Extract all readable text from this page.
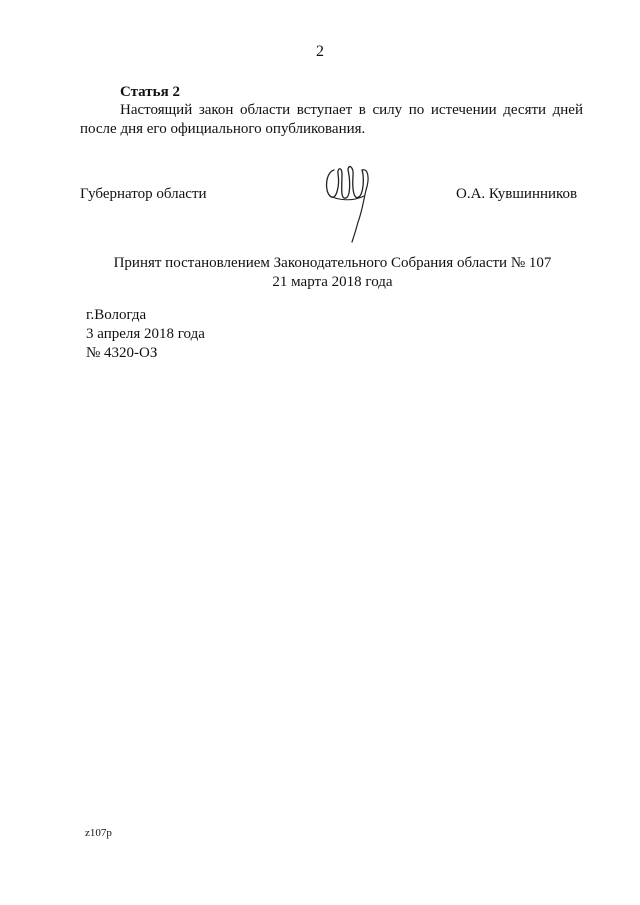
2

Статья 2

Настоящий закон области вступает в силу по истечении десяти дней после дня его официального опубликования.

Губернатор области	О.А. Кувшинников
Принят постановлением Законодательного Собрания области № 107
21 марта 2018 года
г.Вологда
3 апреля 2018 года
№ 4320-ОЗ
z107p
